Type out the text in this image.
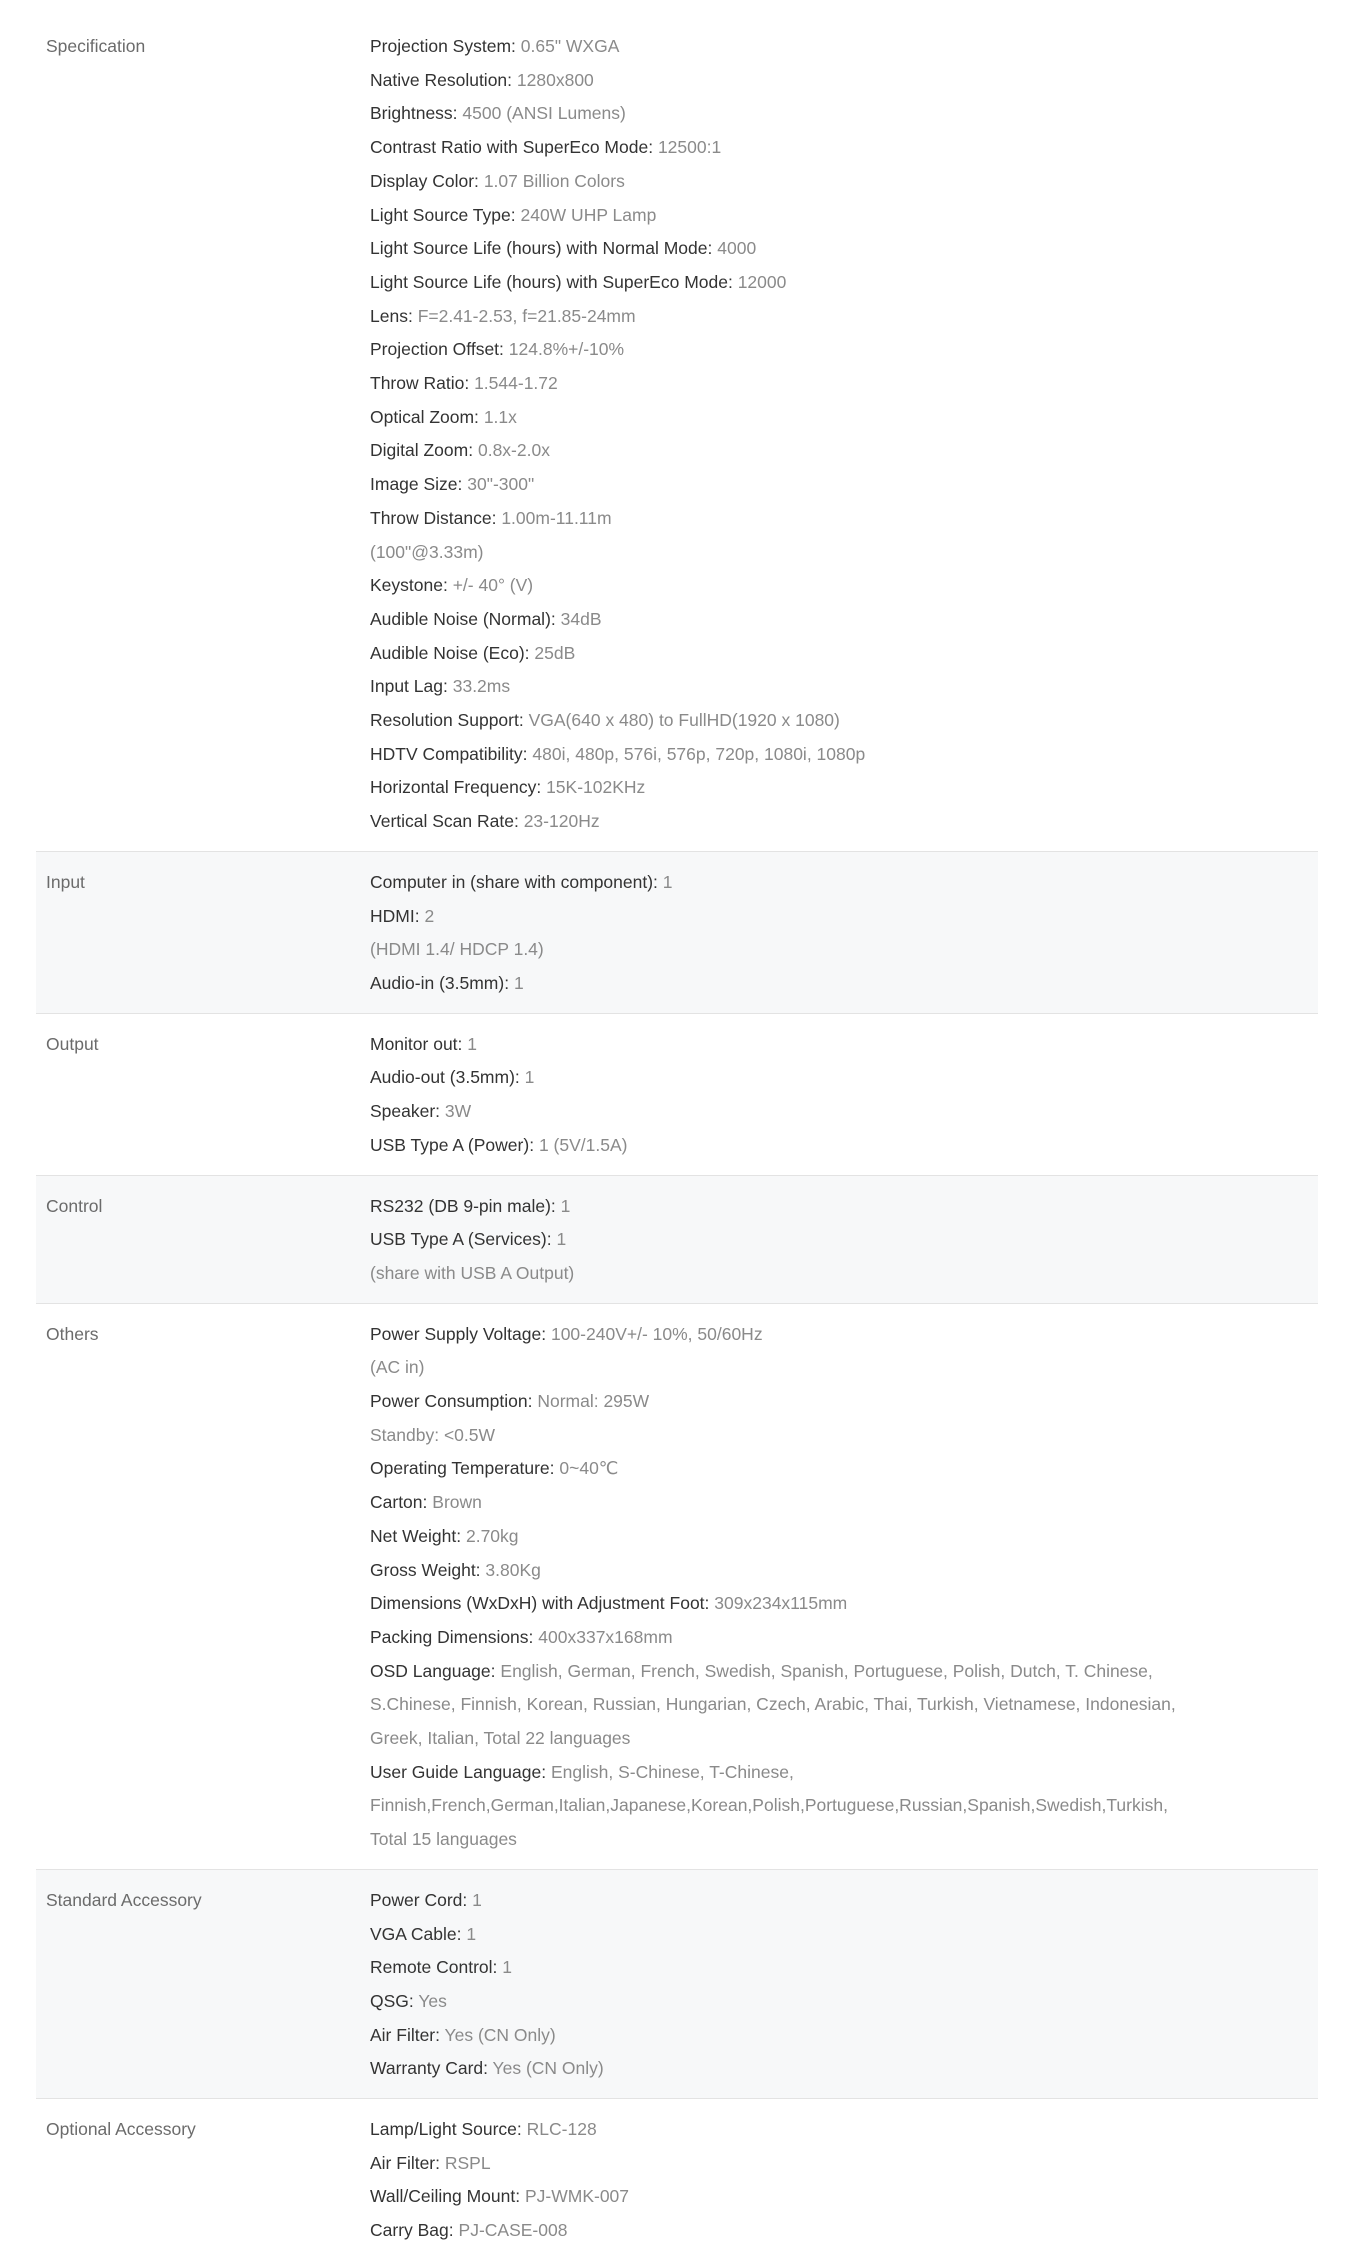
Specification	Projection System: 0.65" WXGA
Native Resolution: 1280x800
Brightness: 4500 (ANSI Lumens)
Contrast Ratio with SuperEco Mode: 12500:1
Display Color: 1.07 Billion Colors
Light Source Type: 240W UHP Lamp
Light Source Life (hours) with Normal Mode: 4000
Light Source Life (hours) with SuperEco Mode: 12000
Lens: F=2.41-2.53, f=21.85-24mm
Projection Offset: 124.8%+/-10%
Throw Ratio: 1.544-1.72
Optical Zoom: 1.1x
Digital Zoom: 0.8x-2.0x
Image Size: 30"-300"
Throw Distance: 1.00m-11.11m
(100"@3.33m)
Keystone: +/- 40° (V)
Audible Noise (Normal): 34dB
Audible Noise (Eco): 25dB
Input Lag: 33.2ms
Resolution Support: VGA(640 x 480) to FullHD(1920 x 1080)
HDTV Compatibility: 480i, 480p, 576i, 576p, 720p, 1080i, 1080p
Horizontal Frequency: 15K-102KHz
Vertical Scan Rate: 23-120Hz
Input	Computer in (share with component): 1
HDMI: 2
(HDMI 1.4/ HDCP 1.4)
Audio-in (3.5mm): 1
Output	Monitor out: 1
Audio-out (3.5mm): 1
Speaker: 3W
USB Type A (Power): 1 (5V/1.5A)
Control	RS232 (DB 9-pin male): 1
USB Type A (Services): 1
(share with USB A Output)
Others	Power Supply Voltage: 100-240V+/- 10%, 50/60Hz
(AC in)
Power Consumption: Normal: 295W
Standby: <0.5W
Operating Temperature: 0~40℃
Carton: Brown
Net Weight: 2.70kg
Gross Weight: 3.80Kg
Dimensions (WxDxH) with Adjustment Foot: 309x234x115mm
Packing Dimensions: 400x337x168mm
OSD Language: English, German, French, Swedish, Spanish, Portuguese, Polish, Dutch, T. Chinese, S.Chinese, Finnish, Korean, Russian, Hungarian, Czech, Arabic, Thai, Turkish, Vietnamese, Indonesian, Greek, Italian, Total 22 languages
User Guide Language: English, S-Chinese, T-Chinese, Finnish,French,German,Italian,Japanese,Korean,Polish,Portuguese,Russian,Spanish,Swedish,Turkish, Total 15 languages
Standard Accessory	Power Cord: 1
VGA Cable: 1
Remote Control: 1
QSG: Yes
Air Filter: Yes (CN Only)
Warranty Card: Yes (CN Only)
Optional Accessory	Lamp/Light Source: RLC-128
Air Filter: RSPL
Wall/Ceiling Mount: PJ-WMK-007
Carry Bag: PJ-CASE-008
